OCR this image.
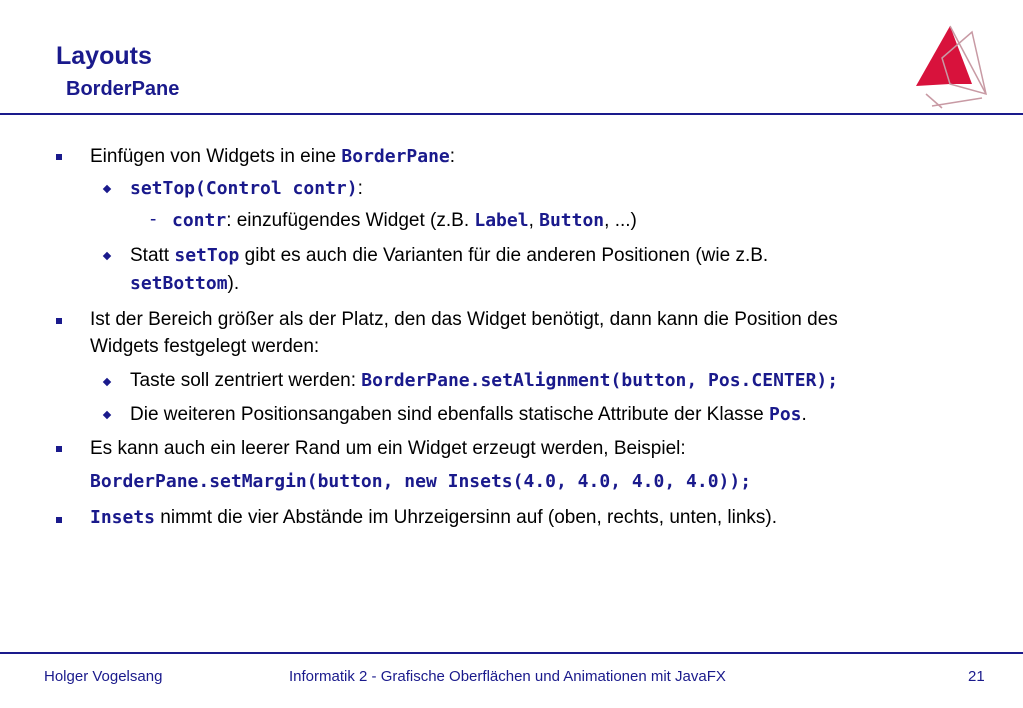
Layouts
BorderPane
Einfügen von Widgets in eine BorderPane:
setTop(Control contr):
- contr: einzufügendes Widget (z.B. Label, Button, ...)
Statt setTop gibt es auch die Varianten für die anderen Positionen (wie z.B.
setBottom).
Ist der Bereich größer als der Platz, den das Widget benötigt, dann kann die Position des
Widgets festgelegt werden:
Taste soll zentriert werden: BorderPane.setAlignment(button, Pos.CENTER);
Die weiteren Positionsangaben sind ebenfalls statische Attribute der Klasse Pos.
Es kann auch ein leerer Rand um ein Widget erzeugt werden, Beispiel:
BorderPane.setMargin(button, new Insets(4.0, 4.0, 4.0, 4.0));
Insets nimmt die vier Abstände im Uhrzeigersinn auf (oben, rechts, unten, links).
Holger Vogelsang	Informatik 2 - Grafische Oberflächen und Animationen mit JavaFX	21
